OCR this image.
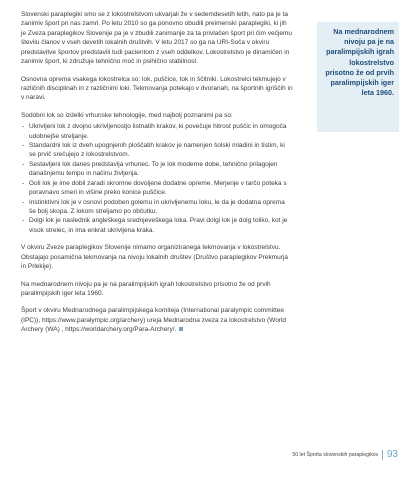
Slovenski paraplegiki smo se z lokostrelstvom ukvarjali že v sedemdesetih letih, nato pa je ta zanimiv šport pri nas zamrl. Po letu 2010 so ga ponovno obudili preimenski paraplegiki, ki jih je Zveza paraplegikov Slovenije pa je v zbudili zanimanje za ta privlačen šport pri čim večjemu številu članov v vseh devetih lokalnih društvih. V letu 2017 so ga na URI-Soča v okviru predstavitve športov predstavili tudi pacientom z vseh oddelkov. Lokostrelstvo je dinamičen in zanimiv šport, ki združuje tehnično moč in psihično stabilnost.

Osnovna oprema vsakega lokostrelca so: lok, puščice, tok in ščitniki. Lokostrelci tekmujejo v različnih disciplinah in z različnimi loki. Tekmovanja potekajo v dvoranah, na športnih igriščih in v naravi.

Sodobni lok so izdelki vrhunske tehnologije, med najbolj poznanimi pa so:

- Ukrivljeni lok z dvojno ukrivljenostjo listnatih krakov, ki povečuje hitrost puščic in omogoča udobnejše streljanje.
- Standardni lok iz dveh upognjenih ploščatih krakov je namenjen šolski mladini in tistim, ki se prvič srečujejo z lokostrelstvom.
- Sestavljeni lok danes predstavlja vrhunec. To je lok moderne dobe, tehnično prilagojen današnjemu tempu in načinu življenja.
- Goli lok je ime dobil zaradi skromne dovoljene dodatne opreme. Merjenje v tarčo poteka s poravnavo smeri in višine preko konice puščice.
- Instinktivni lok je v osnovi podoben golemu in ukrivljenemu loku, le da je dodatna oprema še bolj skopa. Z lokom streljamo po občutku.
- Dolgi lok je naslednik angleškega srednjeveškega loka. Pravi dolgi lok je dolg toliko, kot je visok strelec, in ima enkrat ukrivljena kraka.

V okviru Zveze paraplegikov Slovenije nimamo organiziranega tekmovanja v lokostrelstvu. Obstajajo posamična tekmovanja na nivoju lokalnih društev (Društvo paraplegikov Prekmurja in Prlekije).

Na mednarodnem nivoju pa je na paralimpijskih igrah lokostrelstvo prisotno že od prvih paralimpijskih iger leta 1960.

Šport v okviru Mednarodnega paralimpijskega komiteja (International paralympic committee (IPC)), https://www.paralympic.org/archery) ureja Mednarodna zveza za lokostrelstvo (World Archery (WA) , https://worldarchery.org/Para-Archery/.

Na mednarodnem nivoju pa je na paralimpijskih igrah lokostrelstvo prisotno že od prvih paralimpijskih iger leta 1960.
50 let Športa slovenskih paraplegikov 93
